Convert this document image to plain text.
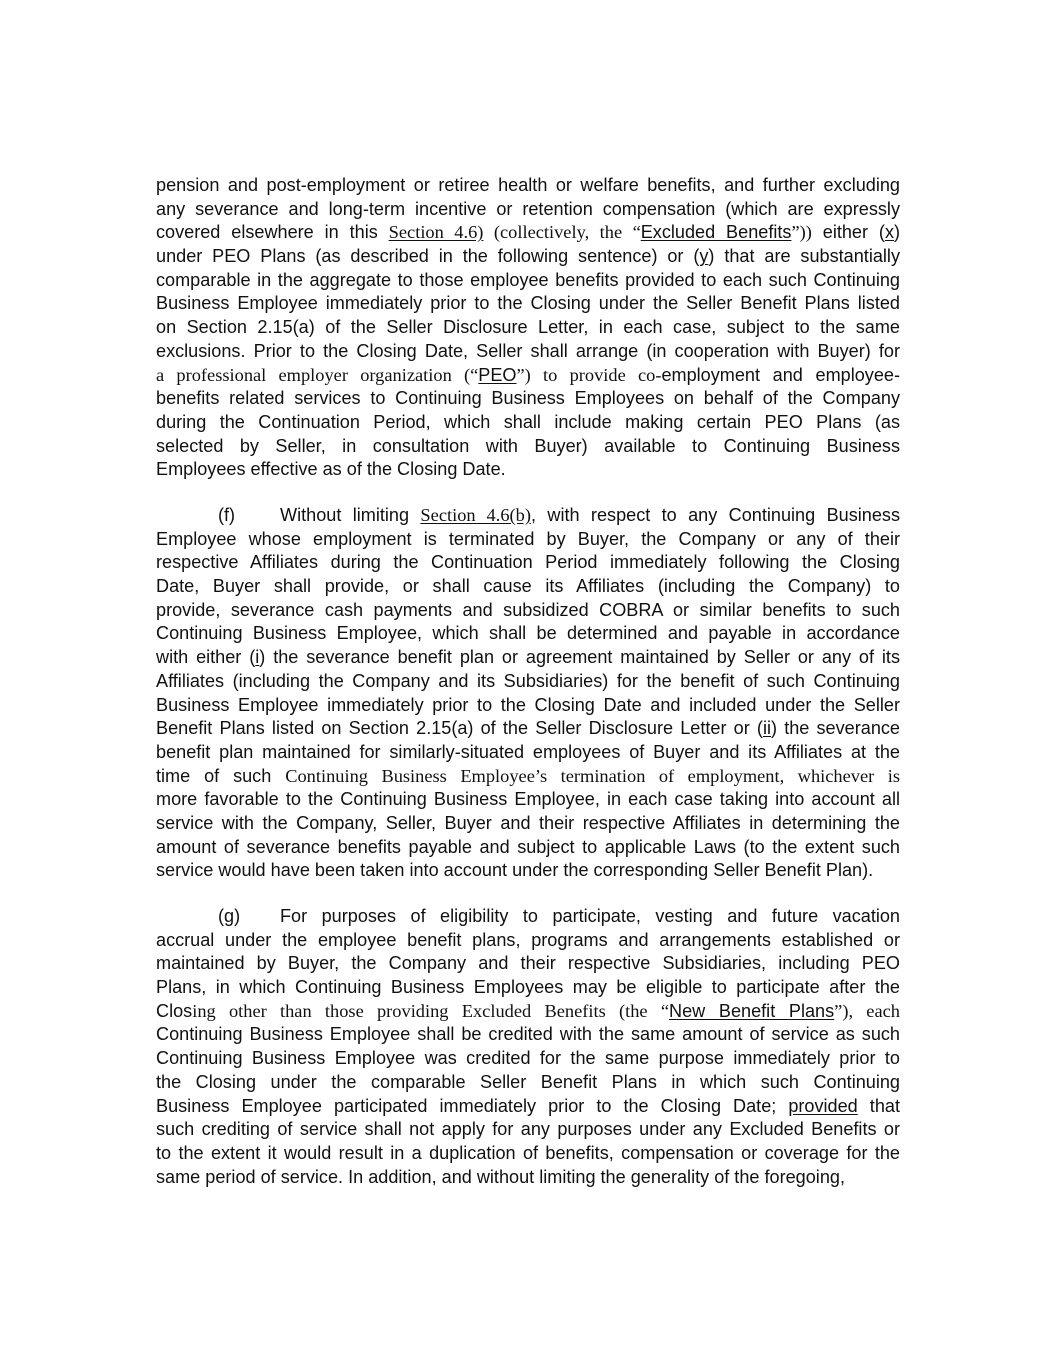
pension and post-employment or retiree health or welfare benefits, and further excluding
any severance and long-term incentive or retention compensation (which are expressly
covered elsewhere in this Section 4.6) (collectively, the “Excluded Benefits”)) either (x)
under PEO Plans (as described in the following sentence) or (y) that are substantially
comparable in the aggregate to those employee benefits provided to each such Continuing
Business Employee immediately prior to the Closing under the Seller Benefit Plans listed
on Section 2.15(a) of the Seller Disclosure Letter, in each case, subject to the same
exclusions. Prior to the Closing Date, Seller shall arrange (in cooperation with Buyer) for
a professional employer organization (“PEO”) to provide co-employment and employee-
benefits related services to Continuing Business Employees on behalf of the Company
during the Continuation Period, which shall include making certain PEO Plans (as
selected by Seller, in consultation with Buyer) available to Continuing Business
Employees effective as of the Closing Date.
(f) Without limiting Section 4.6(b), with respect to any Continuing Business
Employee whose employment is terminated by Buyer, the Company or any of their
respective Affiliates during the Continuation Period immediately following the Closing
Date, Buyer shall provide, or shall cause its Affiliates (including the Company) to
provide, severance cash payments and subsidized COBRA or similar benefits to such
Continuing Business Employee, which shall be determined and payable in accordance
with either (i) the severance benefit plan or agreement maintained by Seller or any of its
Affiliates (including the Company and its Subsidiaries) for the benefit of such Continuing
Business Employee immediately prior to the Closing Date and included under the Seller
Benefit Plans listed on Section 2.15(a) of the Seller Disclosure Letter or (ii) the severance
benefit plan maintained for similarly-situated employees of Buyer and its Affiliates at the
time of such Continuing Business Employee’s termination of employment, whichever is
more favorable to the Continuing Business Employee, in each case taking into account all
service with the Company, Seller, Buyer and their respective Affiliates in determining the
amount of severance benefits payable and subject to applicable Laws (to the extent such
service would have been taken into account under the corresponding Seller Benefit Plan).
(g) For purposes of eligibility to participate, vesting and future vacation
accrual under the employee benefit plans, programs and arrangements established or
maintained by Buyer, the Company and their respective Subsidiaries, including PEO
Plans, in which Continuing Business Employees may be eligible to participate after the
Closing other than those providing Excluded Benefits (the “New Benefit Plans”), each
Continuing Business Employee shall be credited with the same amount of service as such
Continuing Business Employee was credited for the same purpose immediately prior to
the Closing under the comparable Seller Benefit Plans in which such Continuing
Business Employee participated immediately prior to the Closing Date; provided that
such crediting of service shall not apply for any purposes under any Excluded Benefits or
to the extent it would result in a duplication of benefits, compensation or coverage for the
same period of service. In addition, and without limiting the generality of the foregoing,
